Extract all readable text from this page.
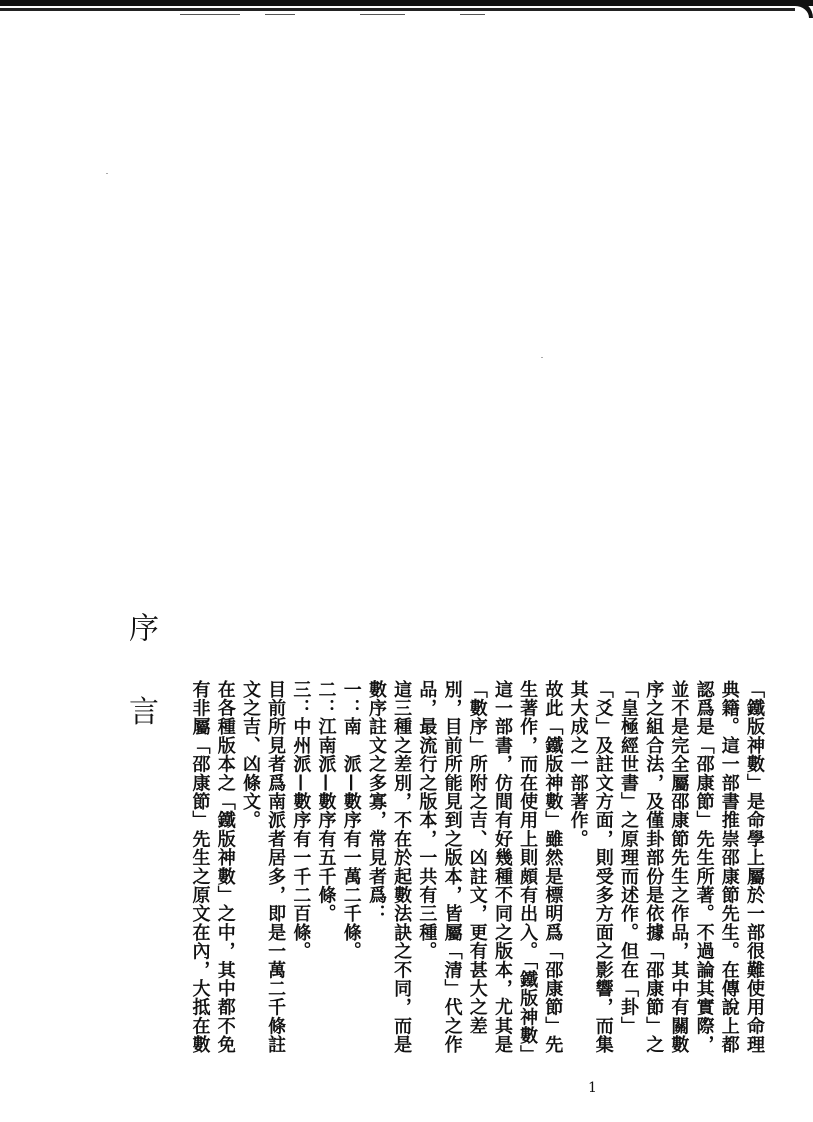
序 言

「鐵版神數」是命學上屬於一部很難使用命理典籍。這一部書推崇邵康節先生。在傳說上都認爲是「邵康節」先生所著。不過論其實際，並不是完全屬邵康節先生之作品，其中有關數序之組合法，及僅卦部份是依據「邵康節」之「皇極經世書」之原理而述作。但在「卦」「爻」及註文方面，則受多方面之影響，而集其大成之一部著作。

故此「鐵版神數」雖然是標明爲「邵康節」先生著作，而在使用上則頗有出入。「鐵版神數」這一部書，仿間有好幾種不同之版本，尤其是「數序」所附之吉、凶註文，更有甚大之差別，目前所能見到之版本，皆屬「清」代之作品，最流行之版本，一共有三種。

這三種之差別，不在於起數法訣之不同，而是數序註文之多寡，常見者爲：

一：南　派—數序有一萬二千條。

二：江南派—數序有五千條。

三：中州派—數序有一千二百條。

目前所見者爲南派者居多，即是一萬二千條註文之吉、凶條文。

在各種版本之「鐵版神數」之中，其中都不免有非屬「邵康節」先生之原文在內，大抵在數

1
